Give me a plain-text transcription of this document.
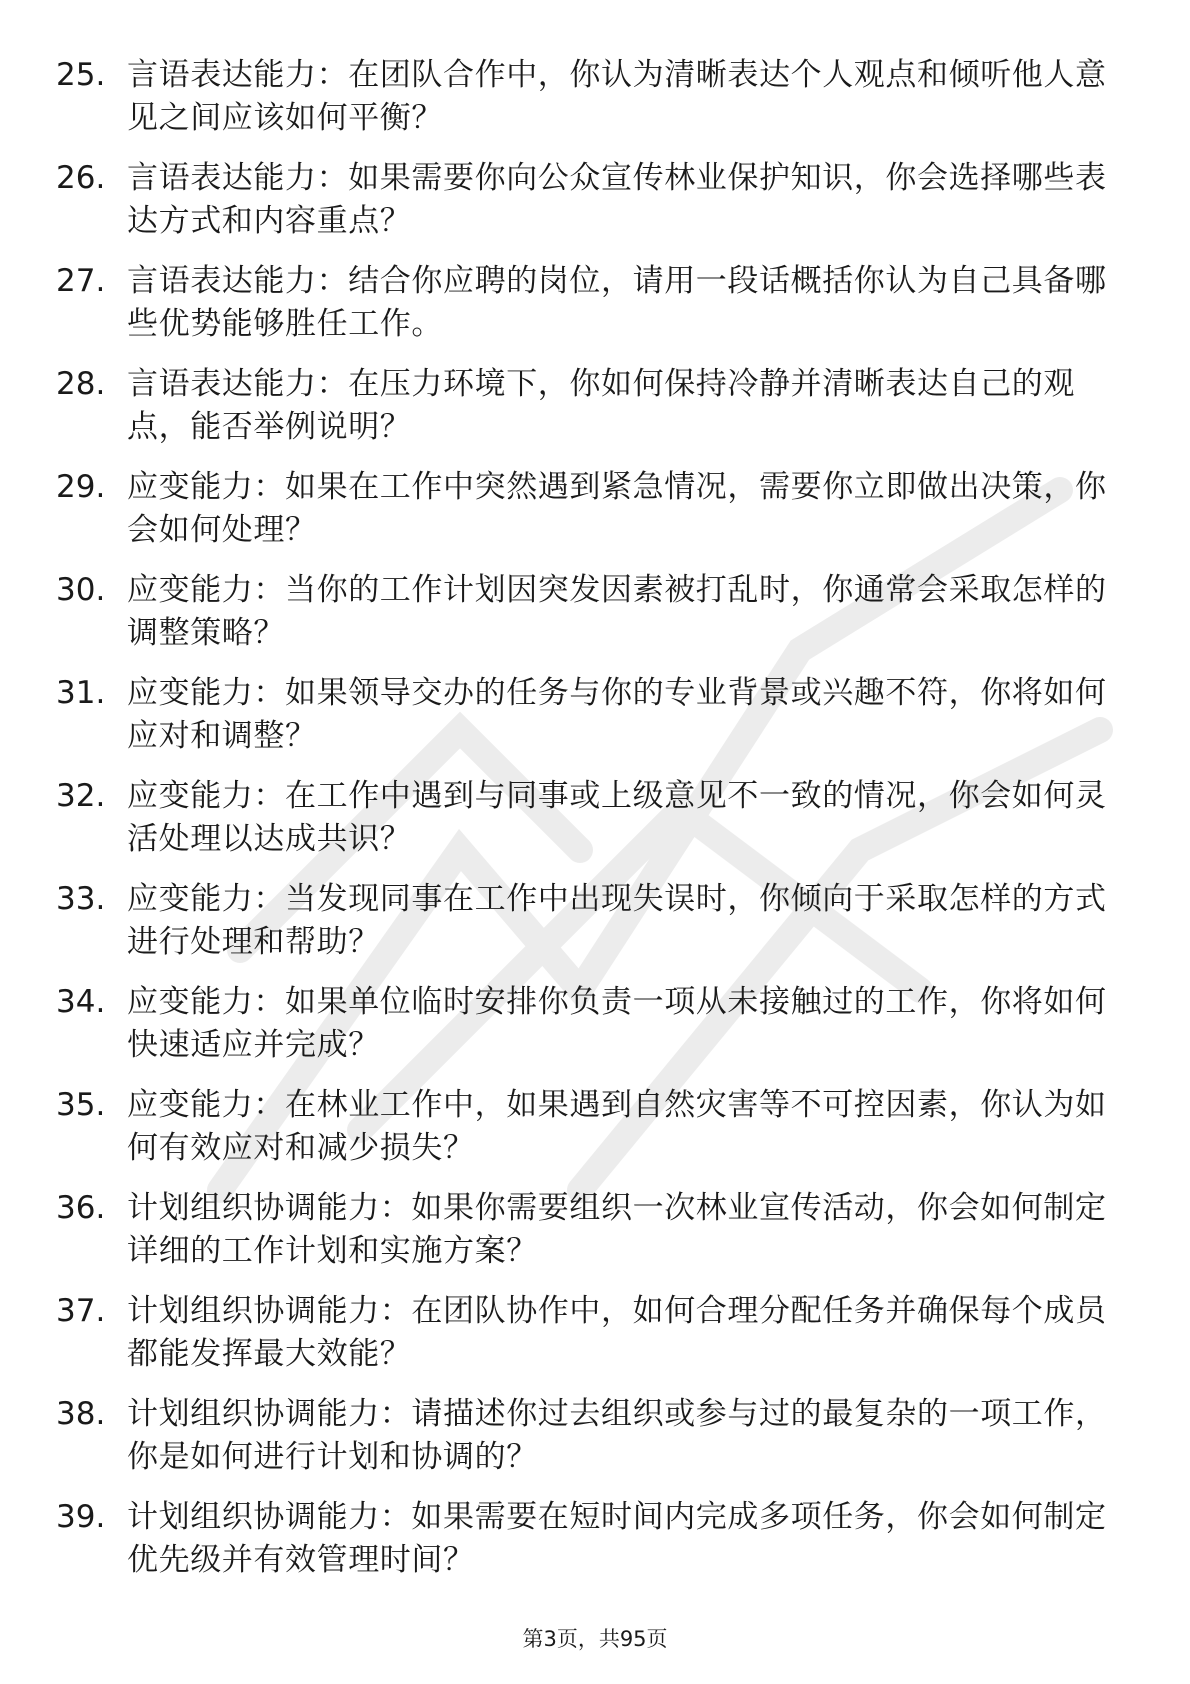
25. 言语表达能力：在团队合作中，你认为清晰表达个人观点和倾听他人意见之间应该如何平衡？
26. 言语表达能力：如果需要你向公众宣传林业保护知识，你会选择哪些表达方式和内容重点？
27. 言语表达能力：结合你应聘的岗位，请用一段话概括你认为自己具备哪些优势能够胜任工作。
28. 言语表达能力：在压力环境下，你如何保持冷静并清晰表达自己的观点，能否举例说明？
29. 应变能力：如果在工作中突然遇到紧急情况，需要你立即做出决策，你会如何处理？
30. 应变能力：当你的工作计划因突发因素被打乱时，你通常会采取怎样的调整策略？
31. 应变能力：如果领导交办的任务与你的专业背景或兴趣不符，你将如何应对和调整？
32. 应变能力：在工作中遇到与同事或上级意见不一致的情况，你会如何灵活处理以达成共识？
33. 应变能力：当发现同事在工作中出现失误时，你倾向于采取怎样的方式进行处理和帮助？
34. 应变能力：如果单位临时安排你负责一项从未接触过的工作，你将如何快速适应并完成？
35. 应变能力：在林业工作中，如果遇到自然灾害等不可控因素，你认为如何有效应对和减少损失？
36. 计划组织协调能力：如果你需要组织一次林业宣传活动，你会如何制定详细的工作计划和实施方案？
37. 计划组织协调能力：在团队协作中，如何合理分配任务并确保每个成员都能发挥最大效能？
38. 计划组织协调能力：请描述你过去组织或参与过的最复杂的一项工作，你是如何进行计划和协调的？
39. 计划组织协调能力：如果需要在短时间内完成多项任务，你会如何制定优先级并有效管理时间？
第3页，共95页
